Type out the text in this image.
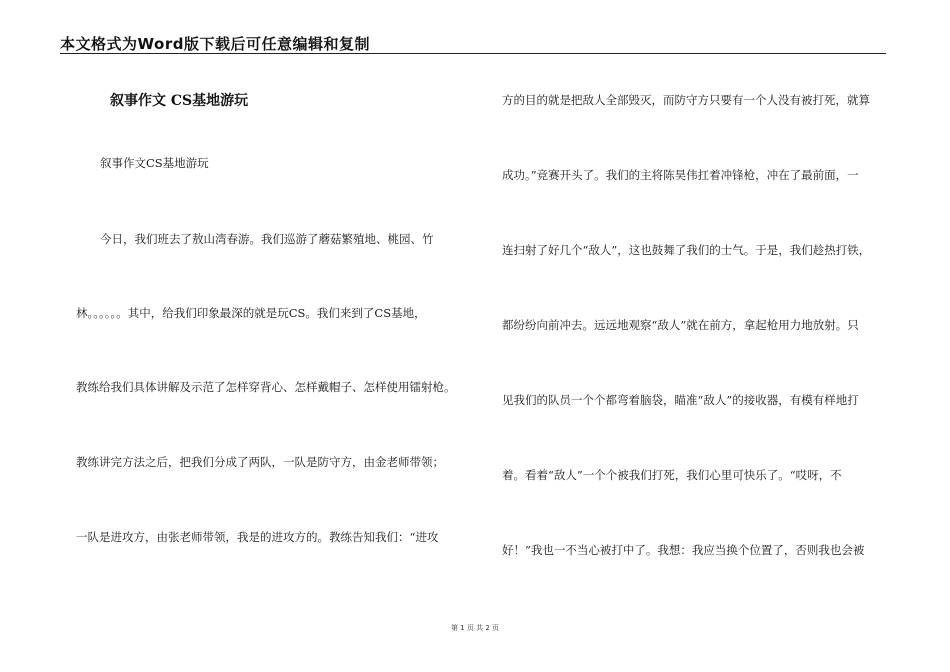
本文格式为Word版下载后可任意编辑和复制
叙事作文 CS基地游玩
叙事作文CS基地游玩
今日，我们班去了敖山湾春游。我们巡游了蘑菇繁殖地、桃园、竹
林。。。。。。其中，给我们印象最深的就是玩CS。我们来到了CS基地，
教练给我们具体讲解及示范了怎样穿背心、怎样戴帽子、怎样使用镭射枪。
教练讲完方法之后，把我们分成了两队，一队是防守方，由金老师带领；
一队是进攻方，由张老师带领，我是的进攻方的。教练告知我们：“进攻
方的目的就是把敌人全部毁灭，而防守方只要有一个人没有被打死，就算
成功。”竞赛开头了。我们的主将陈昊伟扛着冲锋枪，冲在了最前面，一
连扫射了好几个“敌人”，这也鼓舞了我们的士气。于是，我们趁热打铁，
都纷纷向前冲去。远远地观察“敌人”就在前方，拿起枪用力地放射。只
见我们的队员一个个都弯着脑袋，瞄准“敌人”的接收器，有模有样地打
着。看着“敌人”一个个被我们打死，我们心里可快乐了。“哎呀，不
好！”我也一不当心被打中了。我想：我应当换个位置了，否则我也会被
第 1 页 共 2 页
